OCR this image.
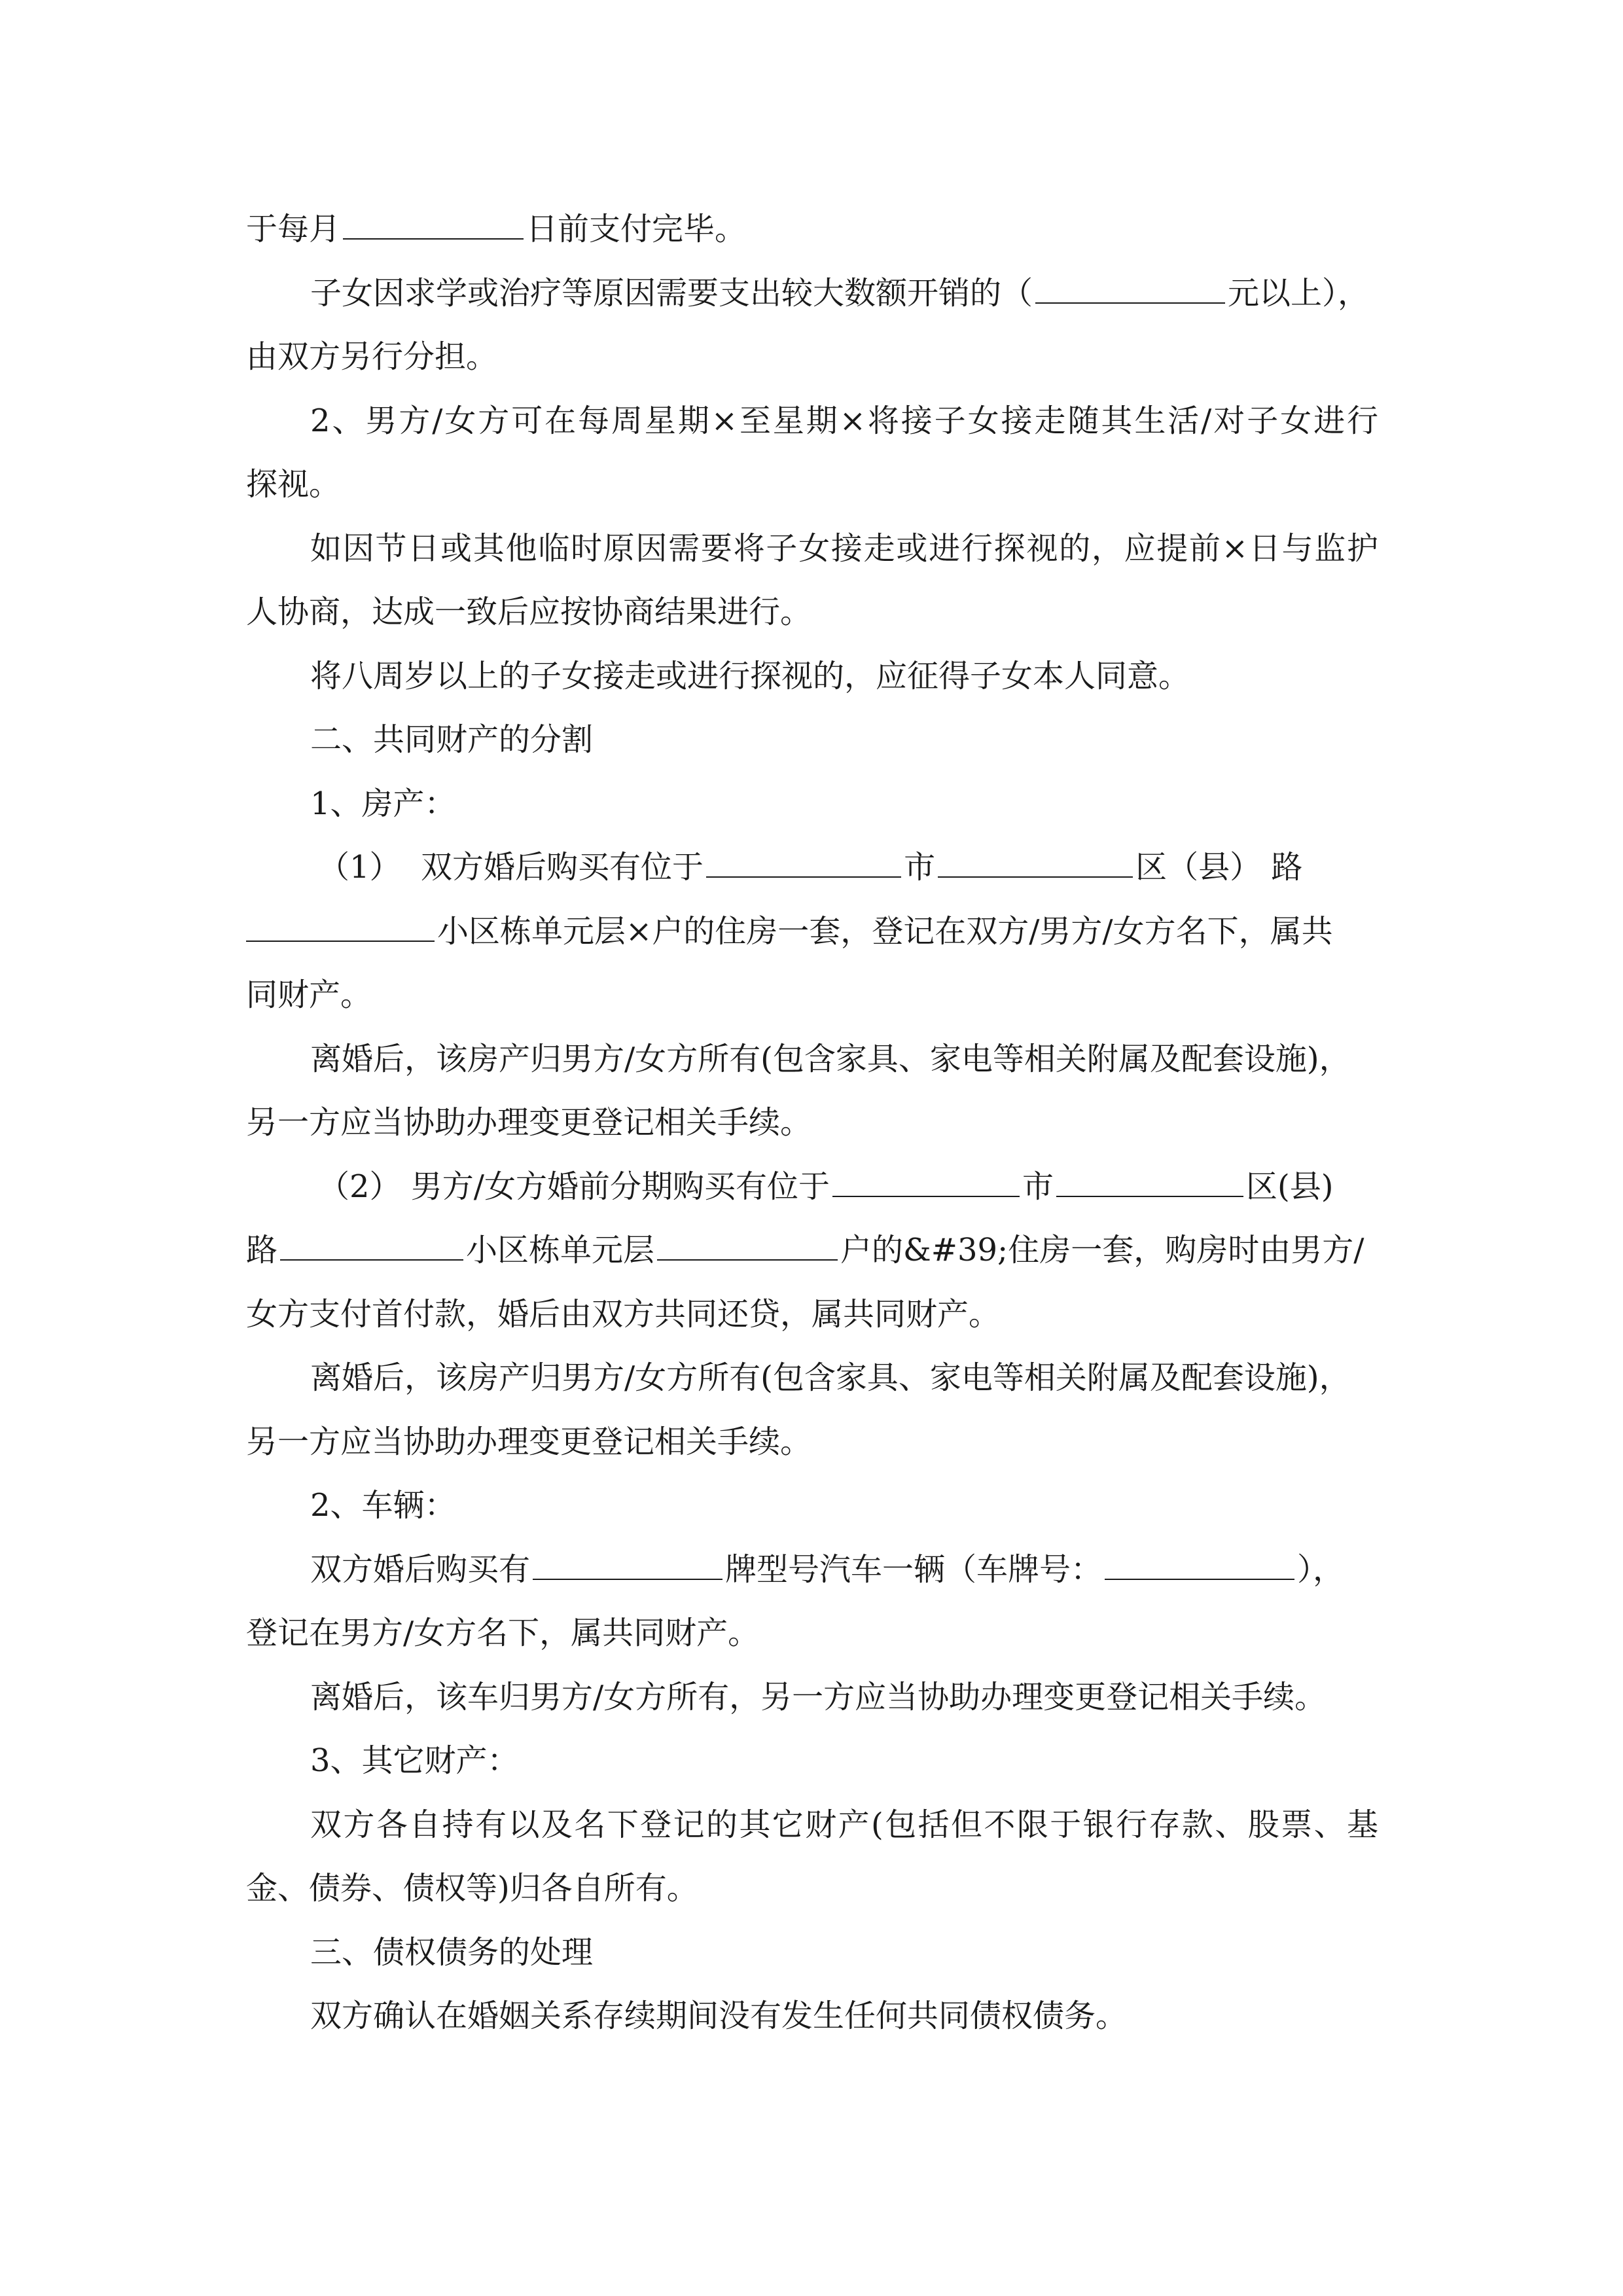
于每月	日前支付完毕。
子女因求学或治疗等原因需要支出较大数额开销的（	元以上），
由双方另行分担。
2、男方/女方可在每周星期×至星期×将接子女接走随其生活/对子女进行
探视。
如因节日或其他临时原因需要将子女接走或进行探视的，应提前×日与监护
人协商，达成一致后应按协商结果进行。
将八周岁以上的子女接走或进行探视的，应征得子女本人同意。
二、共同财产的分割
1、房产：
（1）  双方婚后购买有位于	市	区（县） 路
小区栋单元层×户的住房一套，登记在双方/男方/女方名下，属共
同财产。
离婚后，该房产归男方/女方所有(包含家具、家电等相关附属及配套设施)，
另一方应当协助办理变更登记相关手续。
（2） 男方/女方婚前分期购买有位于	市	区(县)
路	小区栋单元层	户的&#39;住房一套，购房时由男方/
女方支付首付款，婚后由双方共同还贷，属共同财产。
离婚后，该房产归男方/女方所有(包含家具、家电等相关附属及配套设施)，
另一方应当协助办理变更登记相关手续。
2、车辆：
双方婚后购买有	牌型号汽车一辆（车牌号：	），
登记在男方/女方名下，属共同财产。
离婚后，该车归男方/女方所有，另一方应当协助办理变更登记相关手续。
3、其它财产：
双方各自持有以及名下登记的其它财产(包括但不限于银行存款、股票、基
金、债券、债权等)归各自所有。
三、债权债务的处理
双方确认在婚姻关系存续期间没有发生任何共同债权债务。
